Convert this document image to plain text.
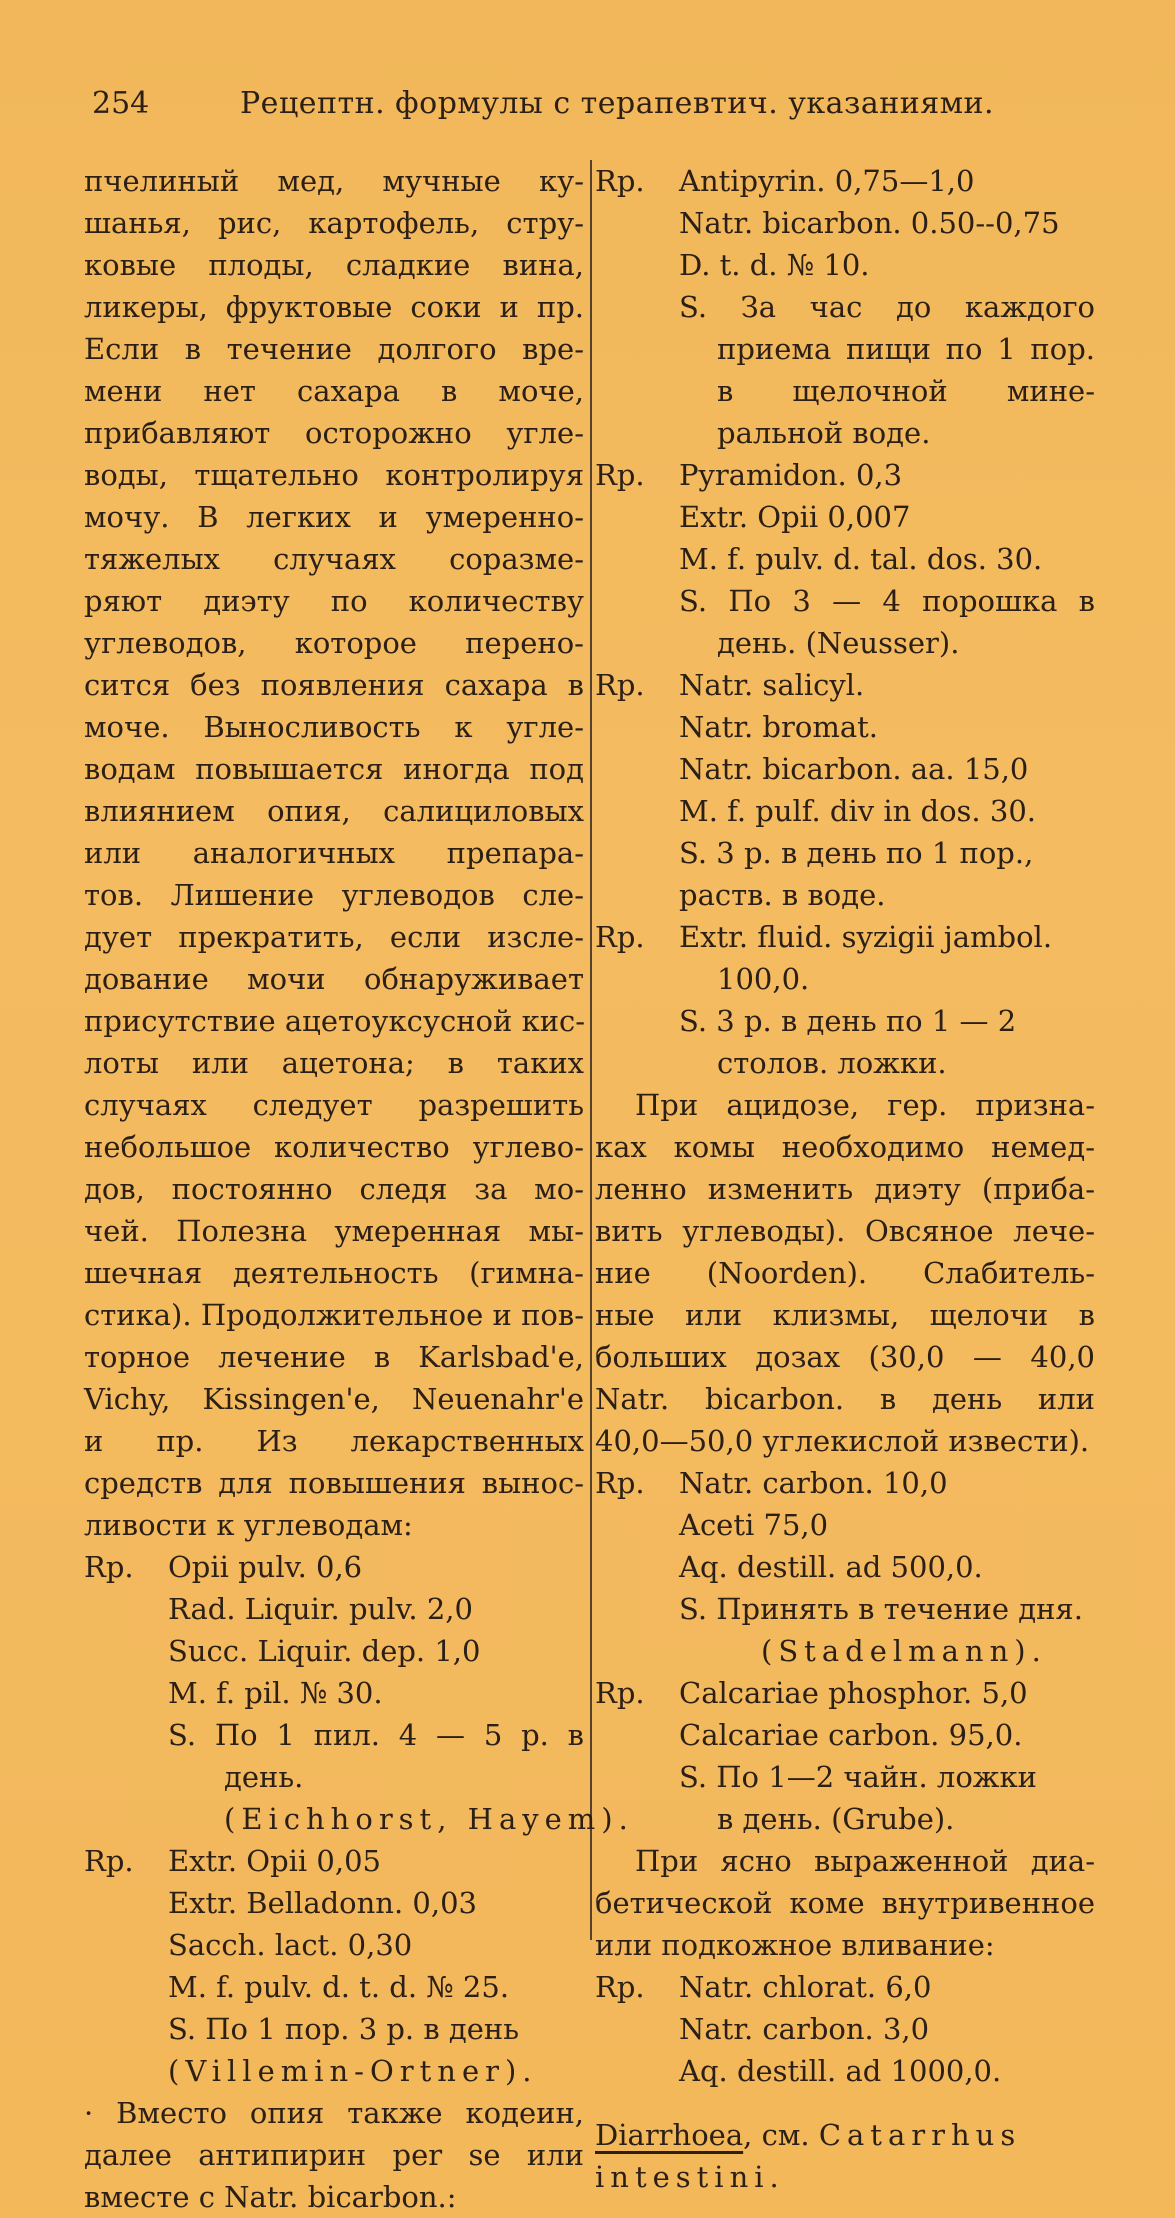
254	Рецептн. формулы с терапевтич. указаниями.
пчелиный мед, мучные ку-
шанья, рис, картофель, стру-
ковые плоды, сладкие вина,
ликеры, фруктовые соки и пр.
Если в течение долгого вре-
мени нет сахара в моче,
прибавляют осторожно угле-
воды, тщательно контролируя
мочу. В легких и умеренно-
тяжелых случаях соразме-
ряют диэту по количеству
углеводов, которое перено-
сится без появления сахара в
моче. Выносливость к угле-
водам повышается иногда под
влиянием опия, салициловых
или аналогичных препара-
тов. Лишение углеводов сле-
дует прекратить, если изсле-
дование мочи обнаруживает
присутствие ацетоуксусной кис-
лоты или ацетона; в таких
случаях следует разрешить
небольшое количество углево-
дов, постоянно следя за мо-
чей. Полезна умеренная мы-
шечная деятельность (гимна-
стика). Продолжительное и пов-
торное лечение в Karlsbad'e,
Vichy, Kissingen'e, Neuenahr'e
и пр. Из лекарственных
средств для повышения вынос-
ливости к углеводам:
Rp.	Opii pulv. 0,6
Rad. Liquir. pulv. 2,0
Succ. Liquir. dep. 1,0
M. f. pil. № 30.
S. По 1 пил. 4 — 5 р. в
день.
(Eichhorst, Hayem).
Rp.	Extr. Opii 0,05
Extr. Belladonn. 0,03
Sacch. lact. 0,30
M. f. pulv. d. t. d. № 25.
S. По 1 пор. 3 р. в день
(Villemin-Ortner).
· Вместо опия также кодеин,
далее антипирин per se или
вместе с Natr. bicarbon.:
Rp.	Antipyrin. 0,75—1,0
Natr. bicarbon. 0.50--0,75
D. t. d. № 10.
S. За час до каждого
приема пищи по 1 пор.
в щелочной мине-
ральной воде.
Rp.	Pyramidon. 0,3
Extr. Opii 0,007
M. f. pulv. d. tal. dos. 30.
S. По 3 — 4 порошка в
день. (Neusser).
Rp.	Natr. salicyl.
Natr. bromat.
Natr. bicarbon. aa. 15,0
M. f. pulf. div in dos. 30.
S. 3 р. в день по 1 пор.,
раств. в воде.
Rp.	Extr. fluid. syzigii jambol.
100,0.
S. 3 р. в день по 1 — 2
столов. ложки.
При ацидозе, гер. призна-
ках комы необходимо немед-
ленно изменить диэту (приба-
вить углеводы). Овсяное лече-
ние (Noorden). Слабитель-
ные или клизмы, щелочи в
больших дозах (30,0 — 40,0
Natr. bicarbon. в день или
40,0—50,0 углекислой извести).
Rp.	Natr. carbon. 10,0
Aceti 75,0
Aq. destill. ad 500,0.
S. Принять в течение дня.
(Stadelmann).
Rp.	Calcariae phosphor. 5,0
Calcariae carbon. 95,0.
S. По 1—2 чайн. ложки
в день. (Grube).
При ясно выраженной диа-
бетической коме внутривенное
или подкожное вливание:
Rp.	Natr. chlorat. 6,0
Natr. carbon. 3,0
Aq. destill. ad 1000,0.
Diarrhoea, см. Catarrhus
intestini.
